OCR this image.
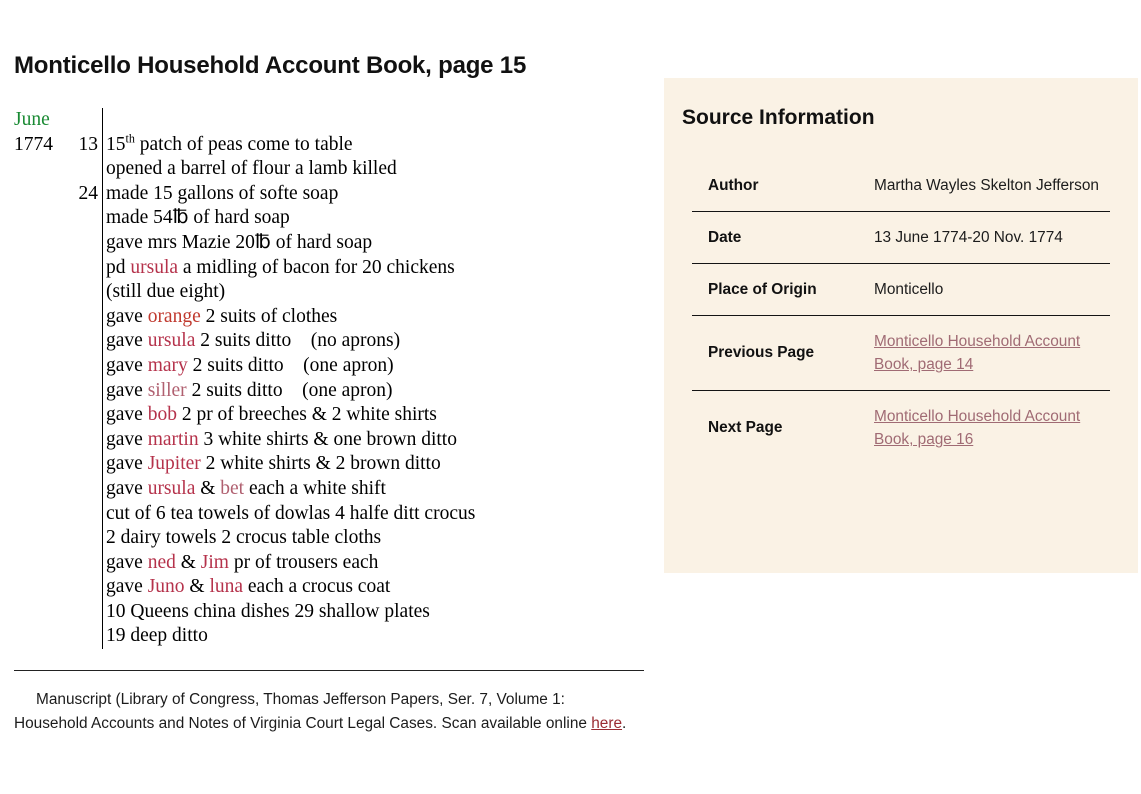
Monticello Household Account Book, page 15
June

1774	13 15th patch of peas come to table
opened a barrel of flour a lamb killed
24 made 15 gallons of softe soap
made 54℔ of hard soap
gave mrs Mazie 20℔ of hard soap
pd ursula a midling of bacon for 20 chickens
(still due eight)
gave orange 2 suits of clothes
gave ursula 2 suits ditto    (no aprons)
gave mary 2 suits ditto    (one apron)
gave siller 2 suits ditto    (one apron)
gave bob 2 pr of breeches & 2 white shirts
gave martin 3 white shirts & one brown ditto
gave Jupiter 2 white shirts & 2 brown ditto
gave ursula & bet each a white shift
cut of 6 tea towels of dowlas 4 halfe ditt crocus
2 dairy towels 2 crocus table cloths
gave ned & Jim pr of trousers each
gave Juno & luna each a crocus coat
10 Queens china dishes 29 shallow plates
19 deep ditto
Manuscript (Library of Congress, Thomas Jefferson Papers, Ser. 7, Volume 1: Household Accounts and Notes of Virginia Court Legal Cases. Scan available online here.
Source Information
Author	Martha Wayles Skelton Jefferson
Date	13 June 1774-20 Nov. 1774
Place of Origin	Monticello
Previous Page	Monticello Household Account Book, page 14
Next Page	Monticello Household Account Book, page 16
